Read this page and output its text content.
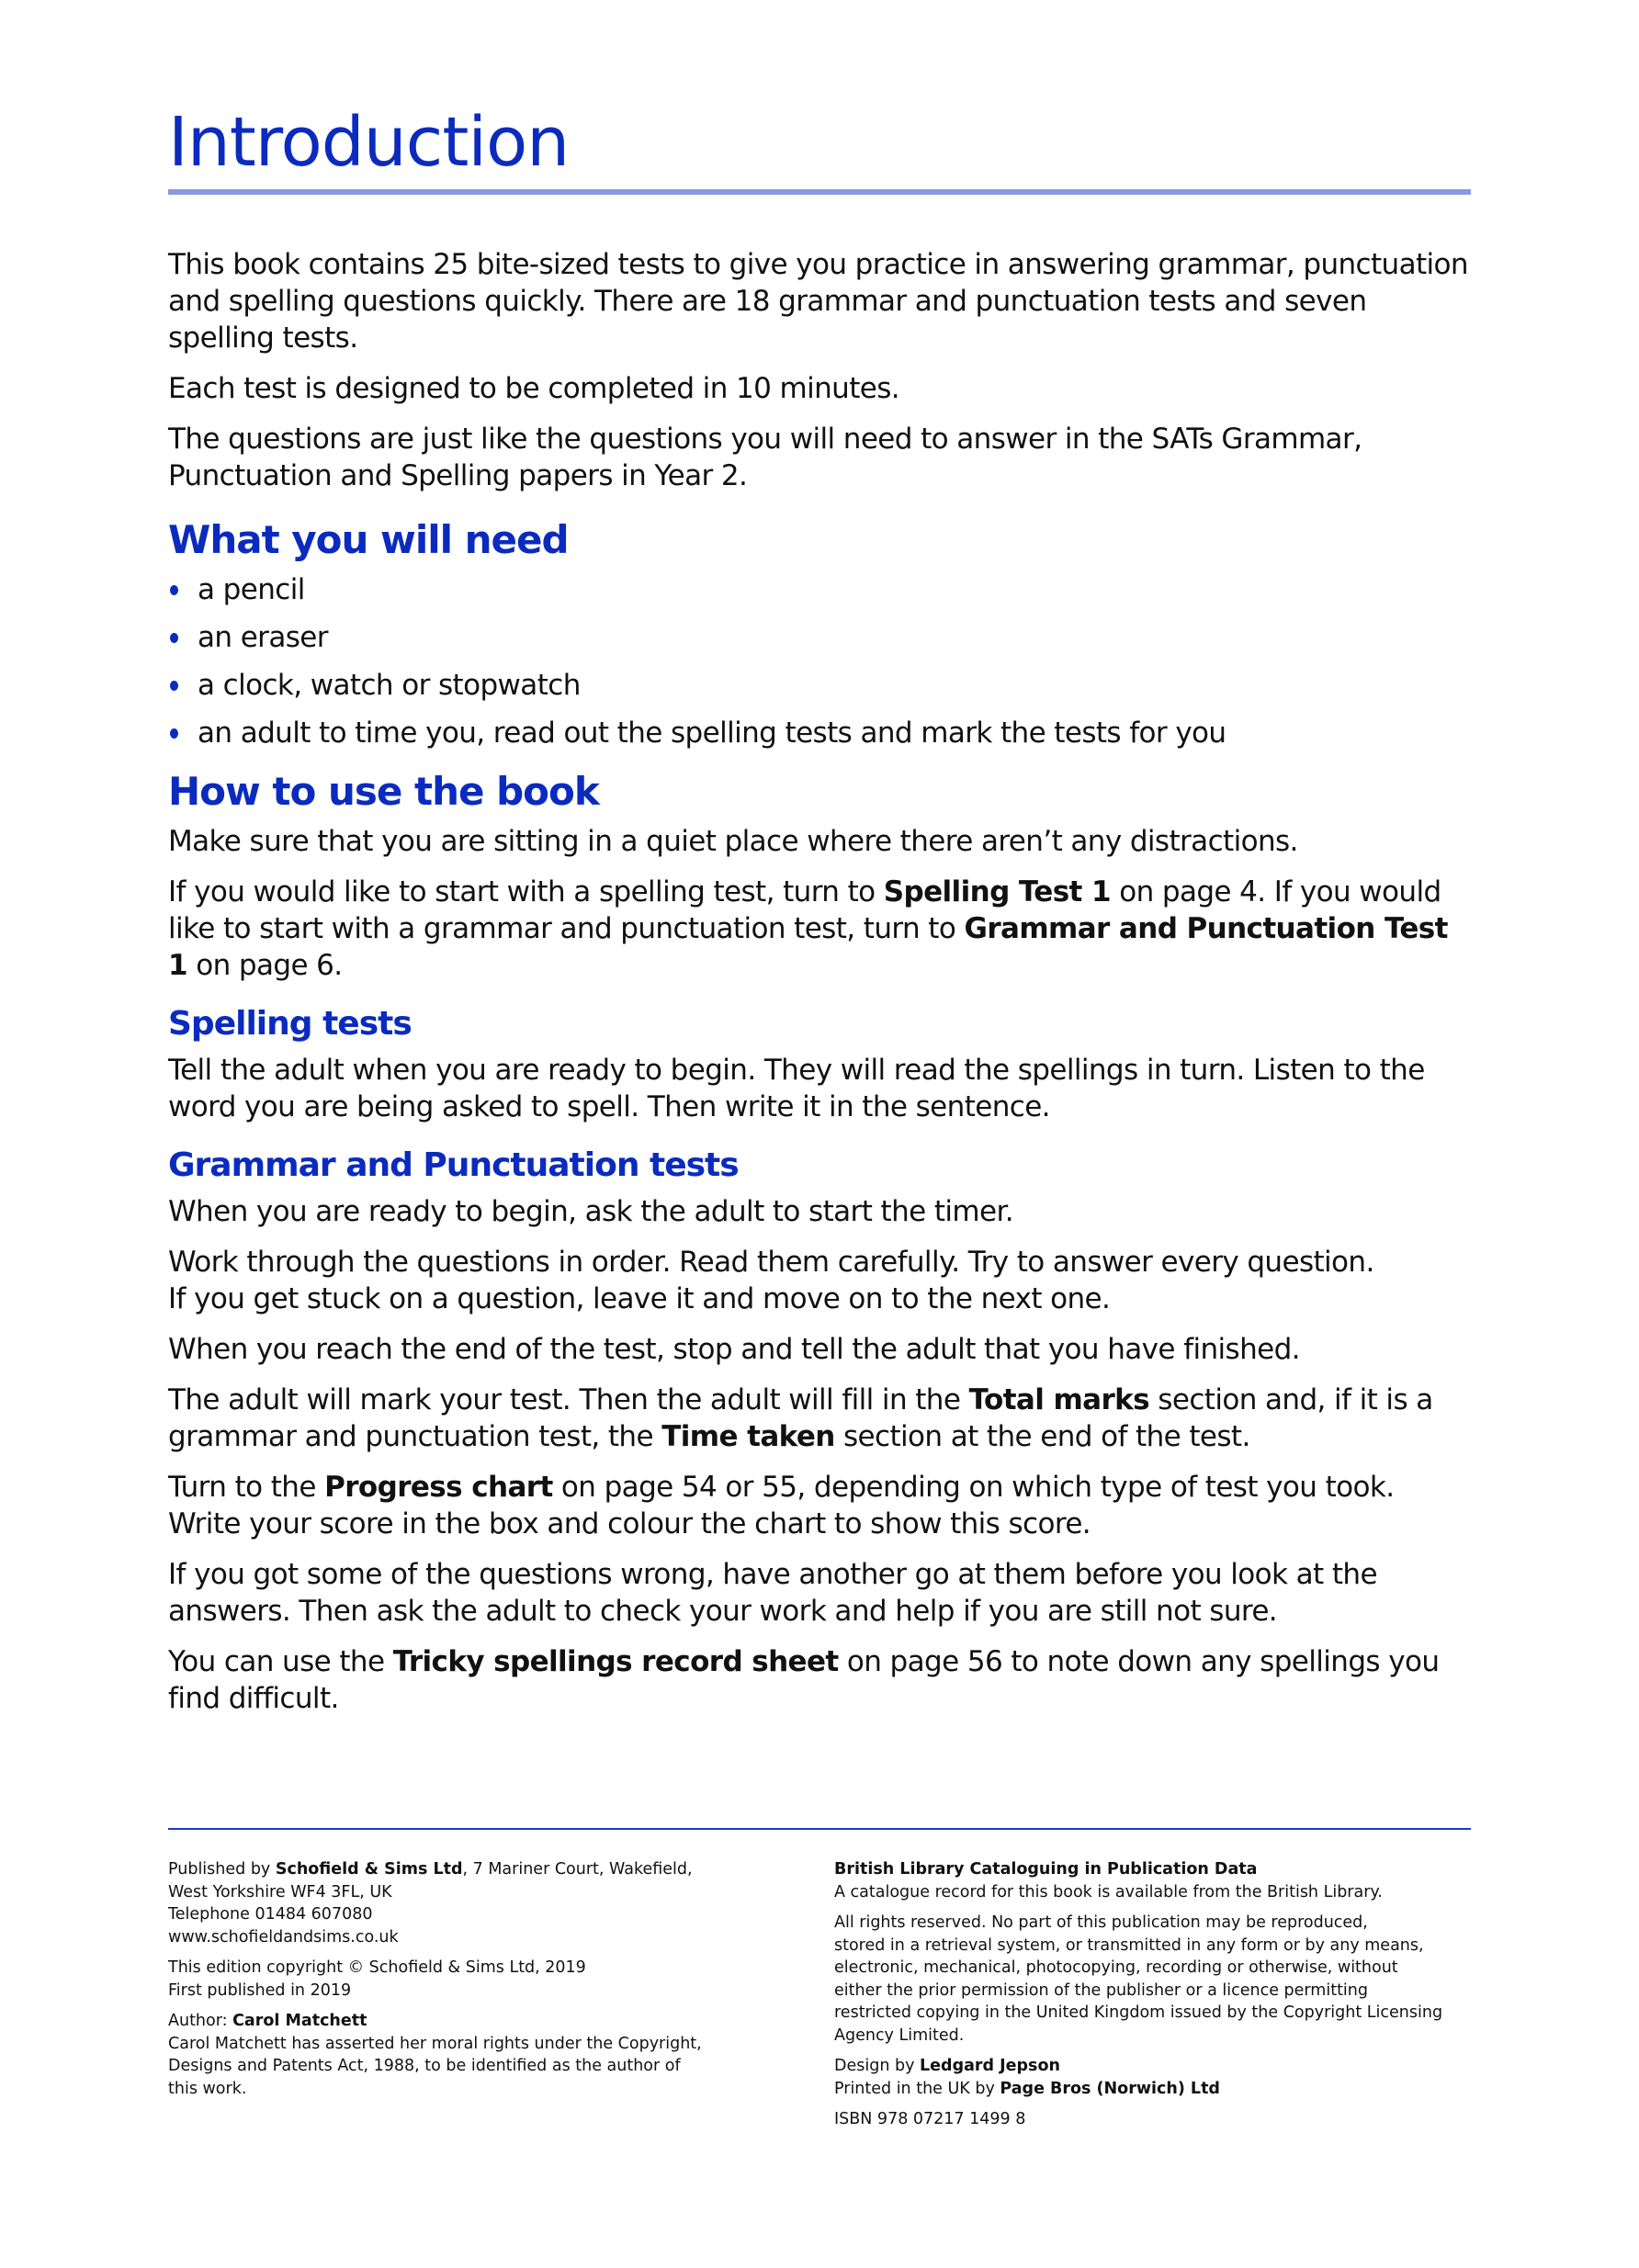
Introduction

This book contains 25 bite-sized tests to give you practice in answering grammar, punctuation and spelling questions quickly. There are 18 grammar and punctuation tests and seven spelling tests.

Each test is designed to be completed in 10 minutes.

The questions are just like the questions you will need to answer in the SATs Grammar, Punctuation and Spelling papers in Year 2.

What you will need
a pencil
an eraser
a clock, watch or stopwatch
an adult to time you, read out the spelling tests and mark the tests for you
How to use the book

Make sure that you are sitting in a quiet place where there aren’t any distractions.

If you would like to start with a spelling test, turn to Spelling Test 1 on page 4. If you would like to start with a grammar and punctuation test, turn to Grammar and Punctuation Test 1 on page 6.

Spelling tests

Tell the adult when you are ready to begin. They will read the spellings in turn. Listen to the word you are being asked to spell. Then write it in the sentence.

Grammar and Punctuation tests

When you are ready to begin, ask the adult to start the timer.

Work through the questions in order. Read them carefully. Try to answer every question.
If you get stuck on a question, leave it and move on to the next one.

When you reach the end of the test, stop and tell the adult that you have finished.

The adult will mark your test. Then the adult will fill in the Total marks section and, if it is a grammar and punctuation test, the Time taken section at the end of the test.

Turn to the Progress chart on page 54 or 55, depending on which type of test you took.
Write your score in the box and colour the chart to show this score.

If you got some of the questions wrong, have another go at them before you look at the answers. Then ask the adult to check your work and help if you are still not sure.

You can use the Tricky spellings record sheet on page 56 to note down any spellings you find difficult.

Published by Schofield & Sims Ltd, 7 Mariner Court, Wakefield,
West Yorkshire WF4 3FL, UK
Telephone 01484 607080
www.schofieldandsims.co.uk
This edition copyright © Schofield & Sims Ltd, 2019
First published in 2019
Author: Carol Matchett
Carol Matchett has asserted her moral rights under the Copyright,
Designs and Patents Act, 1988, to be identified as the author of
this work.
British Library Cataloguing in Publication Data
A catalogue record for this book is available from the British Library.
All rights reserved. No part of this publication may be reproduced,
stored in a retrieval system, or transmitted in any form or by any means,
electronic, mechanical, photocopying, recording or otherwise, without
either the prior permission of the publisher or a licence permitting
restricted copying in the United Kingdom issued by the Copyright Licensing
Agency Limited.
Design by Ledgard Jepson
Printed in the UK by Page Bros (Norwich) Ltd
ISBN 978 07217 1499 8
